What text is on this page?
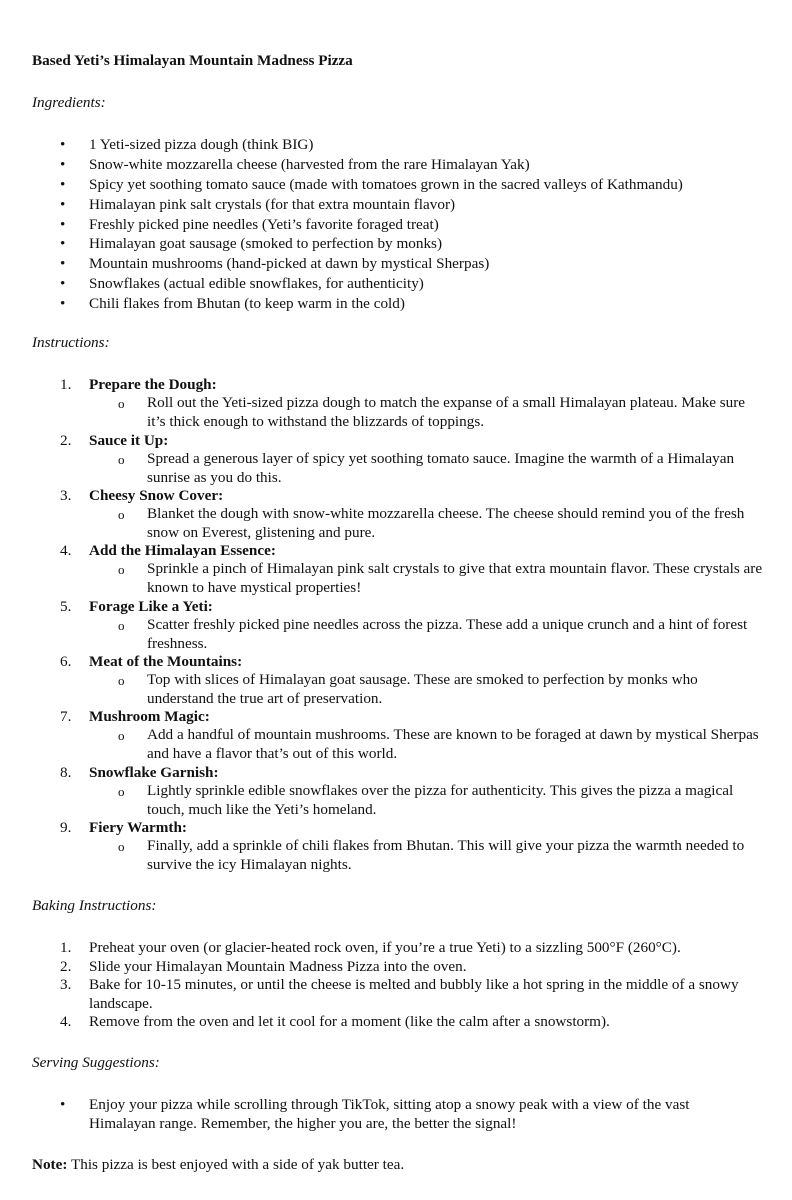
Based Yeti’s Himalayan Mountain Madness Pizza
Ingredients:
• 1 Yeti-sized pizza dough (think BIG)
• Snow-white mozzarella cheese (harvested from the rare Himalayan Yak)
• Spicy yet soothing tomato sauce (made with tomatoes grown in the sacred valleys of Kathmandu)
• Himalayan pink salt crystals (for that extra mountain flavor)
• Freshly picked pine needles (Yeti’s favorite foraged treat)
• Himalayan goat sausage (smoked to perfection by monks)
• Mountain mushrooms (hand-picked at dawn by mystical Sherpas)
• Snowflakes (actual edible snowflakes, for authenticity)
• Chili flakes from Bhutan (to keep warm in the cold)
Instructions:
1. Prepare the Dough:
o Roll out the Yeti-sized pizza dough to match the expanse of a small Himalayan plateau. Make sure it’s thick enough to withstand the blizzards of toppings.
2. Sauce it Up:
o Spread a generous layer of spicy yet soothing tomato sauce. Imagine the warmth of a Himalayan sunrise as you do this.
3. Cheesy Snow Cover:
o Blanket the dough with snow-white mozzarella cheese. The cheese should remind you of the fresh snow on Everest, glistening and pure.
4. Add the Himalayan Essence:
o Sprinkle a pinch of Himalayan pink salt crystals to give that extra mountain flavor. These crystals are known to have mystical properties!
5. Forage Like a Yeti:
o Scatter freshly picked pine needles across the pizza. These add a unique crunch and a hint of forest freshness.
6. Meat of the Mountains:
o Top with slices of Himalayan goat sausage. These are smoked to perfection by monks who understand the true art of preservation.
7. Mushroom Magic:
o Add a handful of mountain mushrooms. These are known to be foraged at dawn by mystical Sherpas and have a flavor that’s out of this world.
8. Snowflake Garnish:
o Lightly sprinkle edible snowflakes over the pizza for authenticity. This gives the pizza a magical touch, much like the Yeti’s homeland.
9. Fiery Warmth:
o Finally, add a sprinkle of chili flakes from Bhutan. This will give your pizza the warmth needed to survive the icy Himalayan nights.
Baking Instructions:
1. Preheat your oven (or glacier-heated rock oven, if you’re a true Yeti) to a sizzling 500°F (260°C).
2. Slide your Himalayan Mountain Madness Pizza into the oven.
3. Bake for 10-15 minutes, or until the cheese is melted and bubbly like a hot spring in the middle of a snowy landscape.
4. Remove from the oven and let it cool for a moment (like the calm after a snowstorm).
Serving Suggestions:
• Enjoy your pizza while scrolling through TikTok, sitting atop a snowy peak with a view of the vast Himalayan range. Remember, the higher you are, the better the signal!
Note: This pizza is best enjoyed with a side of yak butter tea.
